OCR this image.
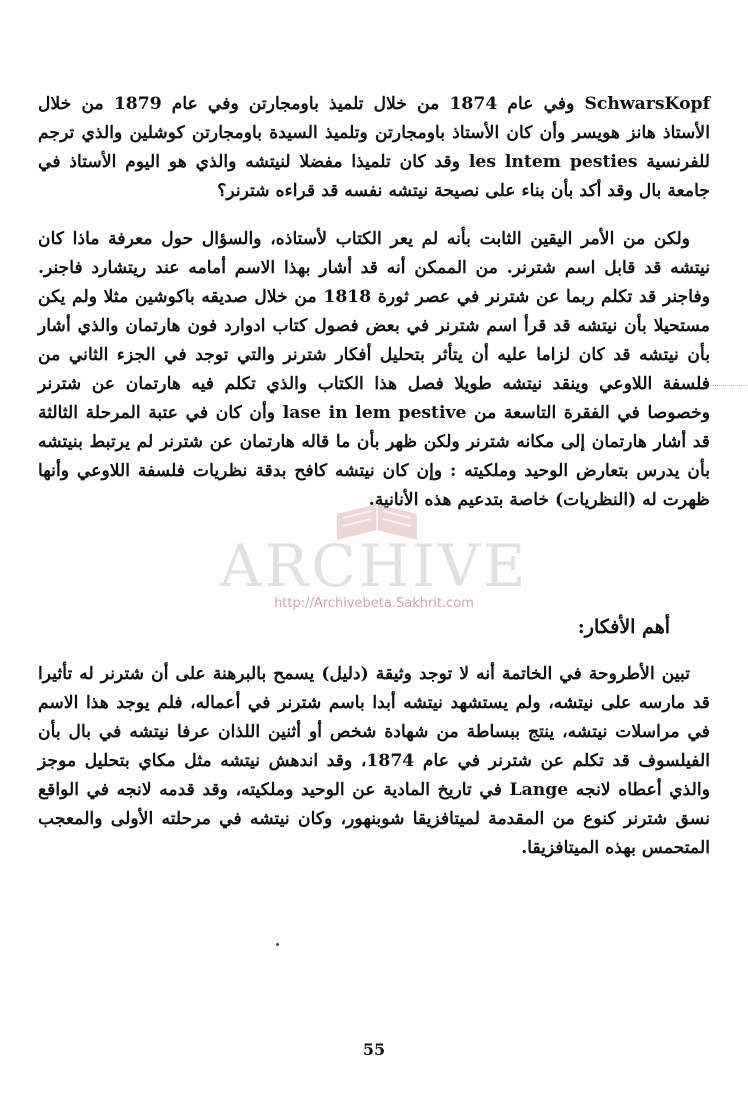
SchwarsKopf وفي عام 1874 من خلال تلميذ باومجارتن وفي عام 1879 من خلال الأستاذ هانز هويسر وأن كان الأستاذ باومجارتن وتلميذ السيدة باومجارتن كوشلين والذي ترجم للفرنسية les lntem pesties وقد كان تلميذا مفضلا لنيتشه والذي هو اليوم الأستاذ في جامعة بال وقد أكد بأن بناء على نصيحة نيتشه نفسه قد قراءه شترنر؟

ولكن من الأمر اليقين الثابت بأنه لم يعر الكتاب لأستاذه، والسؤال حول معرفة ماذا كان نيتشه قد قابل اسم شترنر. من الممكن أنه قد أشار بهذا الاسم أمامه عند ريتشارد فاجنر. وفاجنر قد تكلم ربما عن شترنر في عصر ثورة 1818 من خلال صديقه باكوشين مثلا ولم يكن مستحيلا بأن نيتشه قد قرأ اسم شترنر في بعض فصول كتاب ادوارد فون هارتمان والذي أشار بأن نيتشه قد كان لزاما عليه أن يتأثر بتحليل أفكار شترنر والتي توجد في الجزء الثاني من فلسفة اللاوعي وينقد نيتشه طويلا فصل هذا الكتاب والذي تكلم فيه هارتمان عن شترنر وخصوصا في الفقرة التاسعة من lase in lem pestive وأن كان في عتبة المرحلة الثالثة قد أشار هارتمان إلى مكانه شترنر ولكن ظهر بأن ما قاله هارتمان عن شترنر لم يرتبط بنيتشه بأن يدرس بتعارض الوحيد وملكيته : وإن كان نيتشه كافح بدقة نظريات فلسفة اللاوعي وأنها ظهرت له (النظريات) خاصة بتدعيم هذه الأنانية.

ARCHIVE
http://Archivebeta.Sakhrit.com
أهم الأفكار:

تبين الأطروحة في الخاتمة أنه لا توجد وثيقة (دليل) يسمح بالبرهنة على أن شترنر له تأثيرا قد مارسه على نيتشه، ولم يستشهد نيتشه أبدا باسم شترنر في أعماله، فلم يوجد هذا الاسم في مراسلات نيتشه، ينتج ببساطة من شهادة شخص أو أثنين اللذان عرفا نيتشه في بال بأن الفيلسوف قد تكلم عن شترنر في عام 1874، وقد اندهش نيتشه مثل مكاي بتحليل موجز والذي أعطاه لانجه Lange في تاريخ المادية عن الوحيد وملكيته، وقد قدمه لانجه في الواقع نسق شترنر كنوع من المقدمة لميتافزيقا شوبنهور، وكان نيتشه في مرحلته الأولى والمعجب المتحمس بهذه الميتافزيقا.

55
